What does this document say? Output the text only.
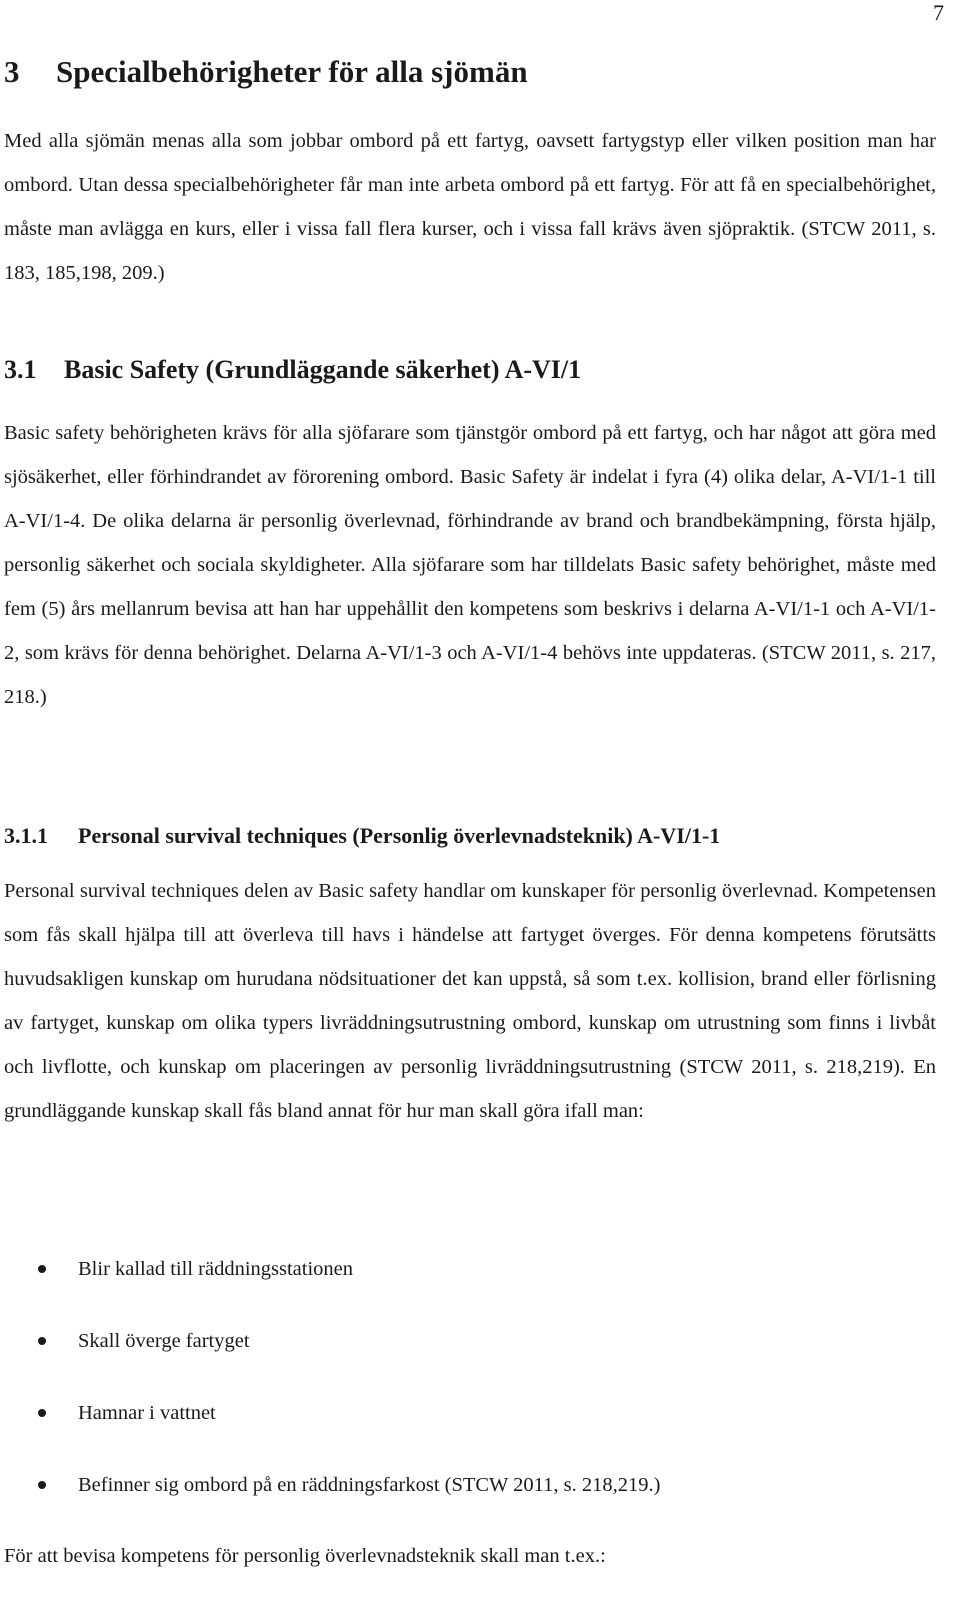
7
3 Specialbehörigheter för alla sjömän

Med alla sjömän menas alla som jobbar ombord på ett fartyg, oavsett fartygstyp eller vilken position man har ombord. Utan dessa specialbehörigheter får man inte arbeta ombord på ett fartyg. För att få en specialbehörighet, måste man avlägga en kurs, eller i vissa fall flera kurser, och i vissa fall krävs även sjöpraktik. (STCW 2011, s. 183, 185,198, 209.)

3.1 Basic Safety (Grundläggande säkerhet) A-VI/1

Basic safety behörigheten krävs för alla sjöfarare som tjänstgör ombord på ett fartyg, och har något att göra med sjösäkerhet, eller förhindrandet av förorening ombord. Basic Safety är indelat i fyra (4) olika delar, A-VI/1-1 till A-VI/1-4. De olika delarna är personlig överlevnad, förhindrande av brand och brandbekämpning, första hjälp, personlig säkerhet och sociala skyldigheter. Alla sjöfarare som har tilldelats Basic safety behörighet, måste med fem (5) års mellanrum bevisa att han har uppehållit den kompetens som beskrivs i delarna A-VI/1-1 och A-VI/1-2, som krävs för denna behörighet. Delarna A-VI/1-3 och A-VI/1-4 behövs inte uppdateras. (STCW 2011, s. 217, 218.)

3.1.1 Personal survival techniques (Personlig överlevnadsteknik) A-VI/1-1

Personal survival techniques delen av Basic safety handlar om kunskaper för personlig överlevnad. Kompetensen som fås skall hjälpa till att överleva till havs i händelse att fartyget överges. För denna kompetens förutsätts huvudsakligen kunskap om hurudana nödsituationer det kan uppstå, så som t.ex. kollision, brand eller förlisning av fartyget, kunskap om olika typers livräddningsutrustning ombord, kunskap om utrustning som finns i livbåt och livflotte, och kunskap om placeringen av personlig livräddningsutrustning (STCW 2011, s. 218,219). En grundläggande kunskap skall fås bland annat för hur man skall göra ifall man:

Blir kallad till räddningsstationen
Skall överge fartyget
Hamnar i vattnet
Befinner sig ombord på en räddningsfarkost (STCW 2011, s. 218,219.)
För att bevisa kompetens för personlig överlevnadsteknik skall man t.ex.:
